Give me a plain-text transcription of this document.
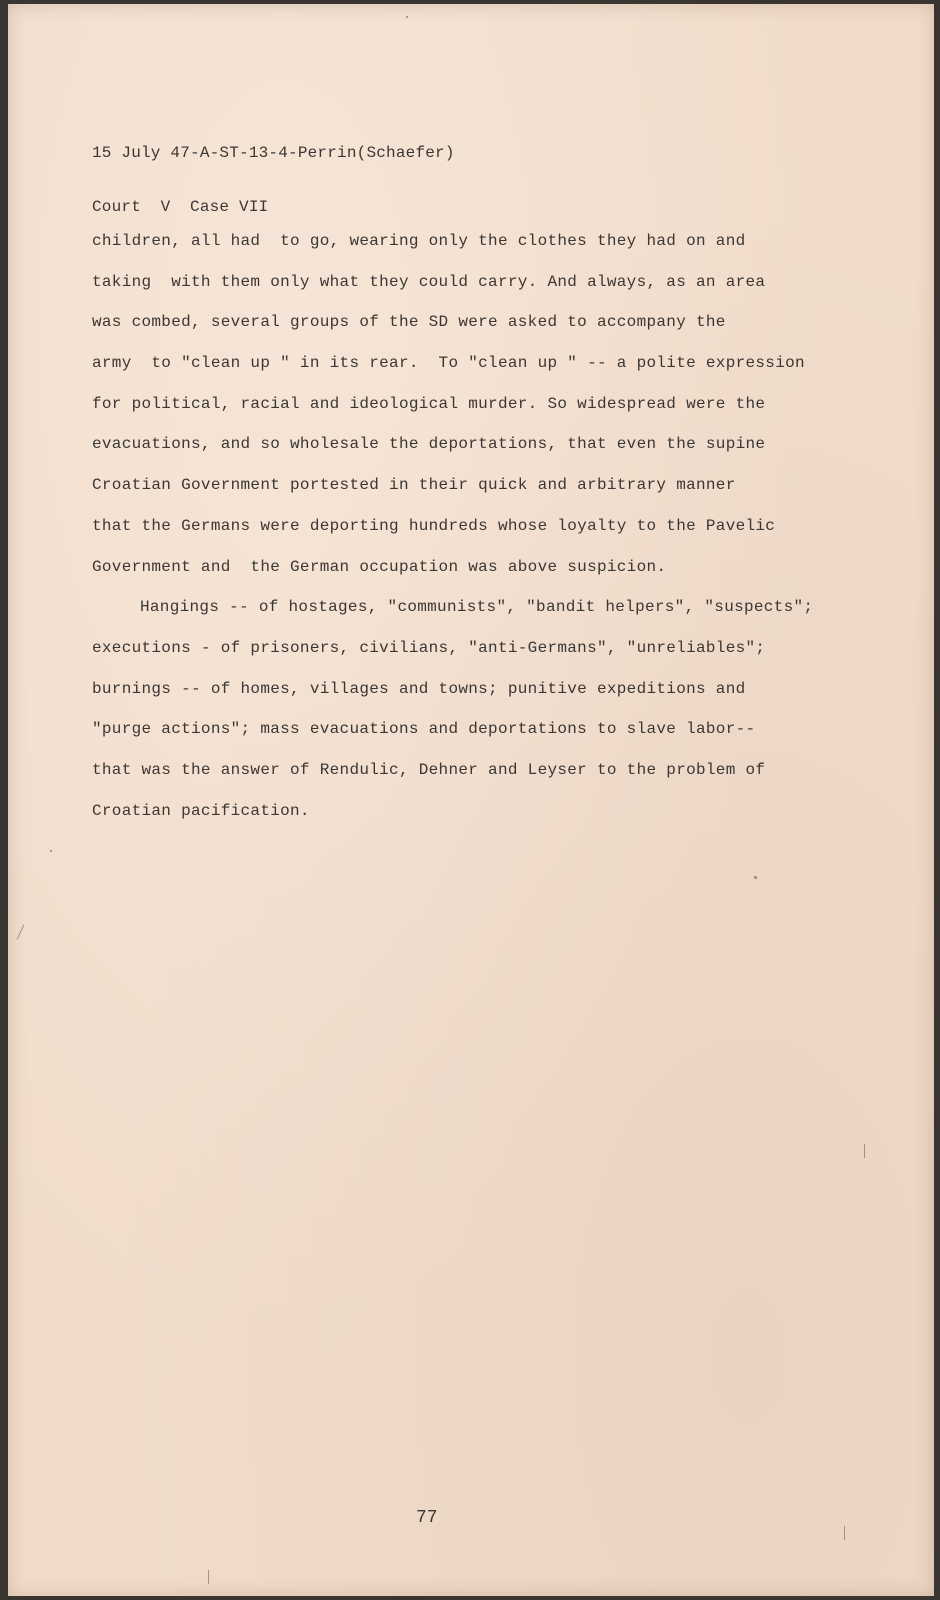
15 July 47-A-ST-13-4-Perrin(Schaefer)

Court  V  Case VII

children, all had  to go, wearing only the clothes they had on and
taking  with them only what they could carry. And always, as an area
was combed, several groups of the SD were asked to accompany the
army  to "clean up " in its rear.  To "clean up " -- a polite expression
for political, racial and ideological murder. So widespread were the
evacuations, and so wholesale the deportations, that even the supine
Croatian Government portested in their quick and arbitrary manner
that the Germans were deporting hundreds whose loyalty to the Pavelic
Government and  the German occupation was above suspicion.
Hangings -- of hostages, "communists", "bandit helpers", "suspects";
executions - of prisoners, civilians, "anti-Germans", "unreliables";
burnings -- of homes, villages and towns; punitive expeditions and
"purge actions"; mass evacuations and deportations to slave labor--
that was the answer of Rendulic, Dehner and Leyser to the problem of
Croatian pacification.
77
